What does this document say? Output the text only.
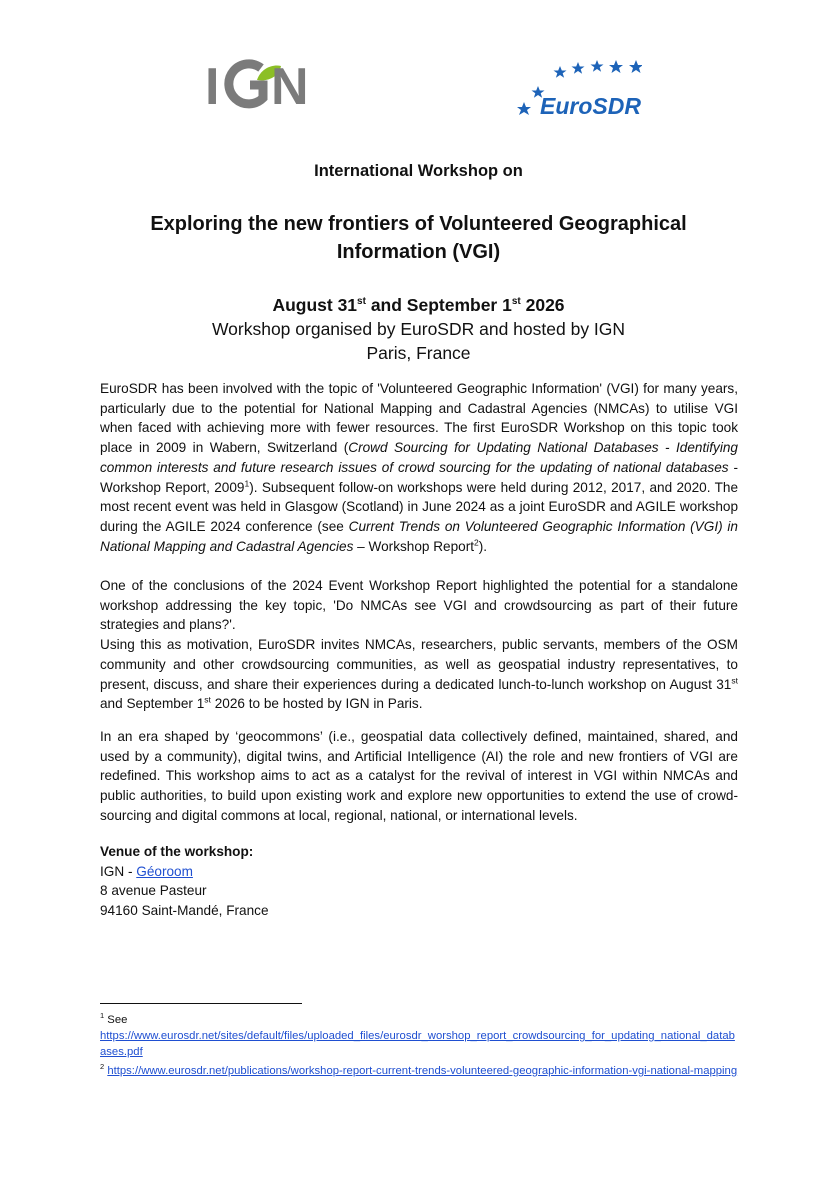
I N	EuroSDR
International Workshop on
Exploring the new frontiers of Volunteered Geographical
Information (VGI)
August 31st and September 1st 2026
Workshop organised by EuroSDR and hosted by IGN
Paris, France

EuroSDR has been involved with the topic of 'Volunteered Geographic Information' (VGI) for many years, particularly due to the potential for National Mapping and Cadastral Agencies (NMCAs) to utilise VGI when faced with achieving more with fewer resources. The first EuroSDR Workshop on this topic took place in 2009 in Wabern, Switzerland (Crowd Sourcing for Updating National Databases - Identifying common interests and future research issues of crowd sourcing for the updating of national databases - Workshop Report, 2009$^1$). Subsequent follow-on workshops were held during 2012, 2017, and 2020. The most recent event was held in Glasgow (Scotland) in June 2024 as a joint EuroSDR and AGILE workshop during the AGILE 2024 conference (see Current Trends on Volunteered Geographic Information (VGI) in National Mapping and Cadastral Agencies – Workshop Report$^2$).

One of the conclusions of the 2024 Event Workshop Report highlighted the potential for a standalone workshop addressing the key topic, 'Do NMCAs see VGI and crowdsourcing as part of their future strategies and plans?'.
Using this as motivation, EuroSDR invites NMCAs, researchers, public servants, members of the OSM community and other crowdsourcing communities, as well as geospatial industry representatives, to present, discuss, and share their experiences during a dedicated lunch-to-lunch workshop on August 31st and September 1st 2026 to be hosted by IGN in Paris.

In an era shaped by ‘geocommons’ (i.e., geospatial data collectively defined, maintained, shared, and used by a community), digital twins, and Artificial Intelligence (AI) the role and new frontiers of VGI are redefined. This workshop aims to act as a catalyst for the revival of interest in VGI within NMCAs and public authorities, to build upon existing work and explore new opportunities to extend the use of crowd-sourcing and digital commons at local, regional, national, or international levels.

Venue of the workshop:
IGN - Géoroom
8 avenue Pasteur
94160 Saint-Mandé, France
$^1$ See
https://www.eurosdr.net/sites/default/files/uploaded_files/eurosdr_worshop_report_crowdsourcing_for_updating_national_databases.pdf
$^2$ https://www.eurosdr.net/publications/workshop-report-current-trends-volunteered-geographic-information-vgi-national-mapping
